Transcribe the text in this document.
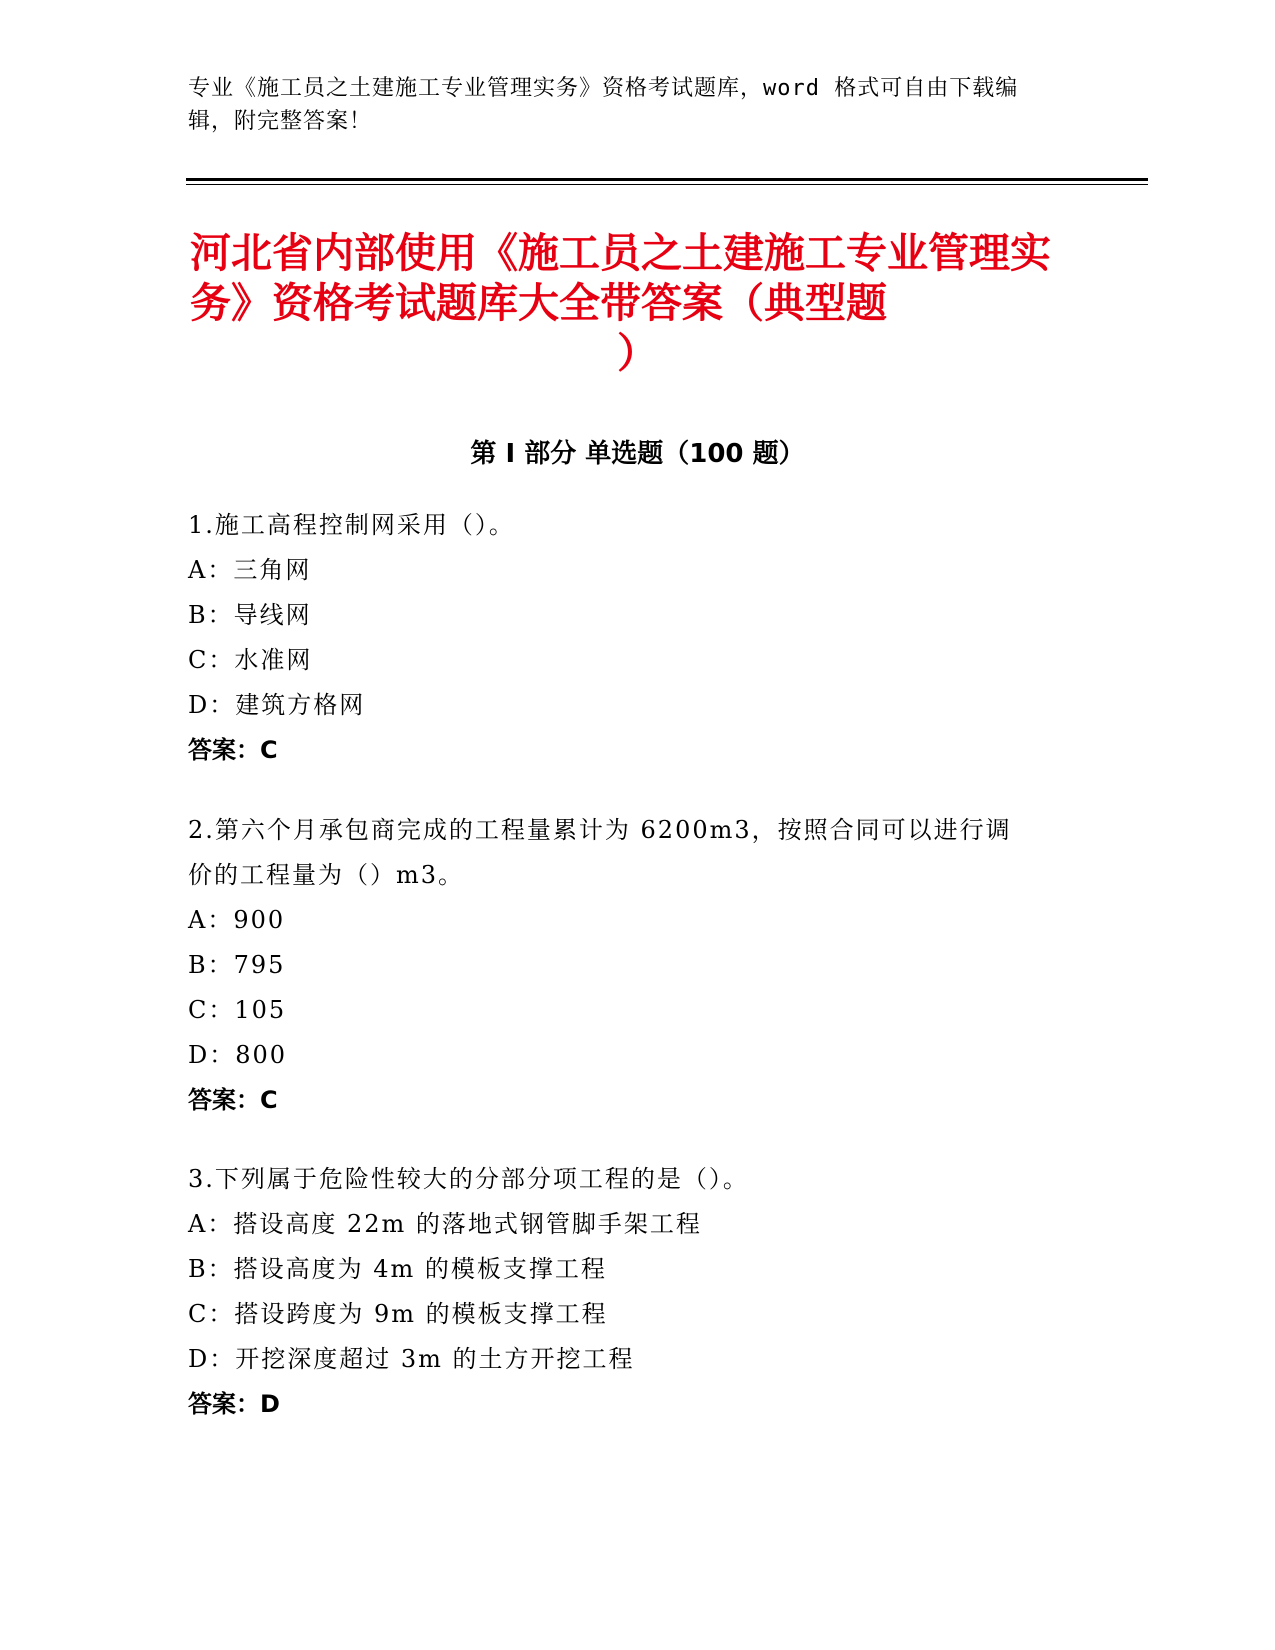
专业《施工员之土建施工专业管理实务》资格考试题库，word 格式可自由下载编
辑，附完整答案！
河北省内部使用《施工员之土建施工专业管理实务》资格考试题库大全带答案（典型题
）
第 I 部分 单选题（100 题）
1.施工高程控制网采用（）。
A：三角网
B：导线网
C：水准网
D：建筑方格网
答案：C
2.第六个月承包商完成的工程量累计为 6200m3，按照合同可以进行调
价的工程量为（）m3。
A：900
B：795
C：105
D：800
答案：C
3.下列属于危险性较大的分部分项工程的是（）。
A：搭设高度 22m 的落地式钢管脚手架工程
B：搭设高度为 4m 的模板支撑工程
C：搭设跨度为 9m 的模板支撑工程
D：开挖深度超过 3m 的土方开挖工程
答案：D
